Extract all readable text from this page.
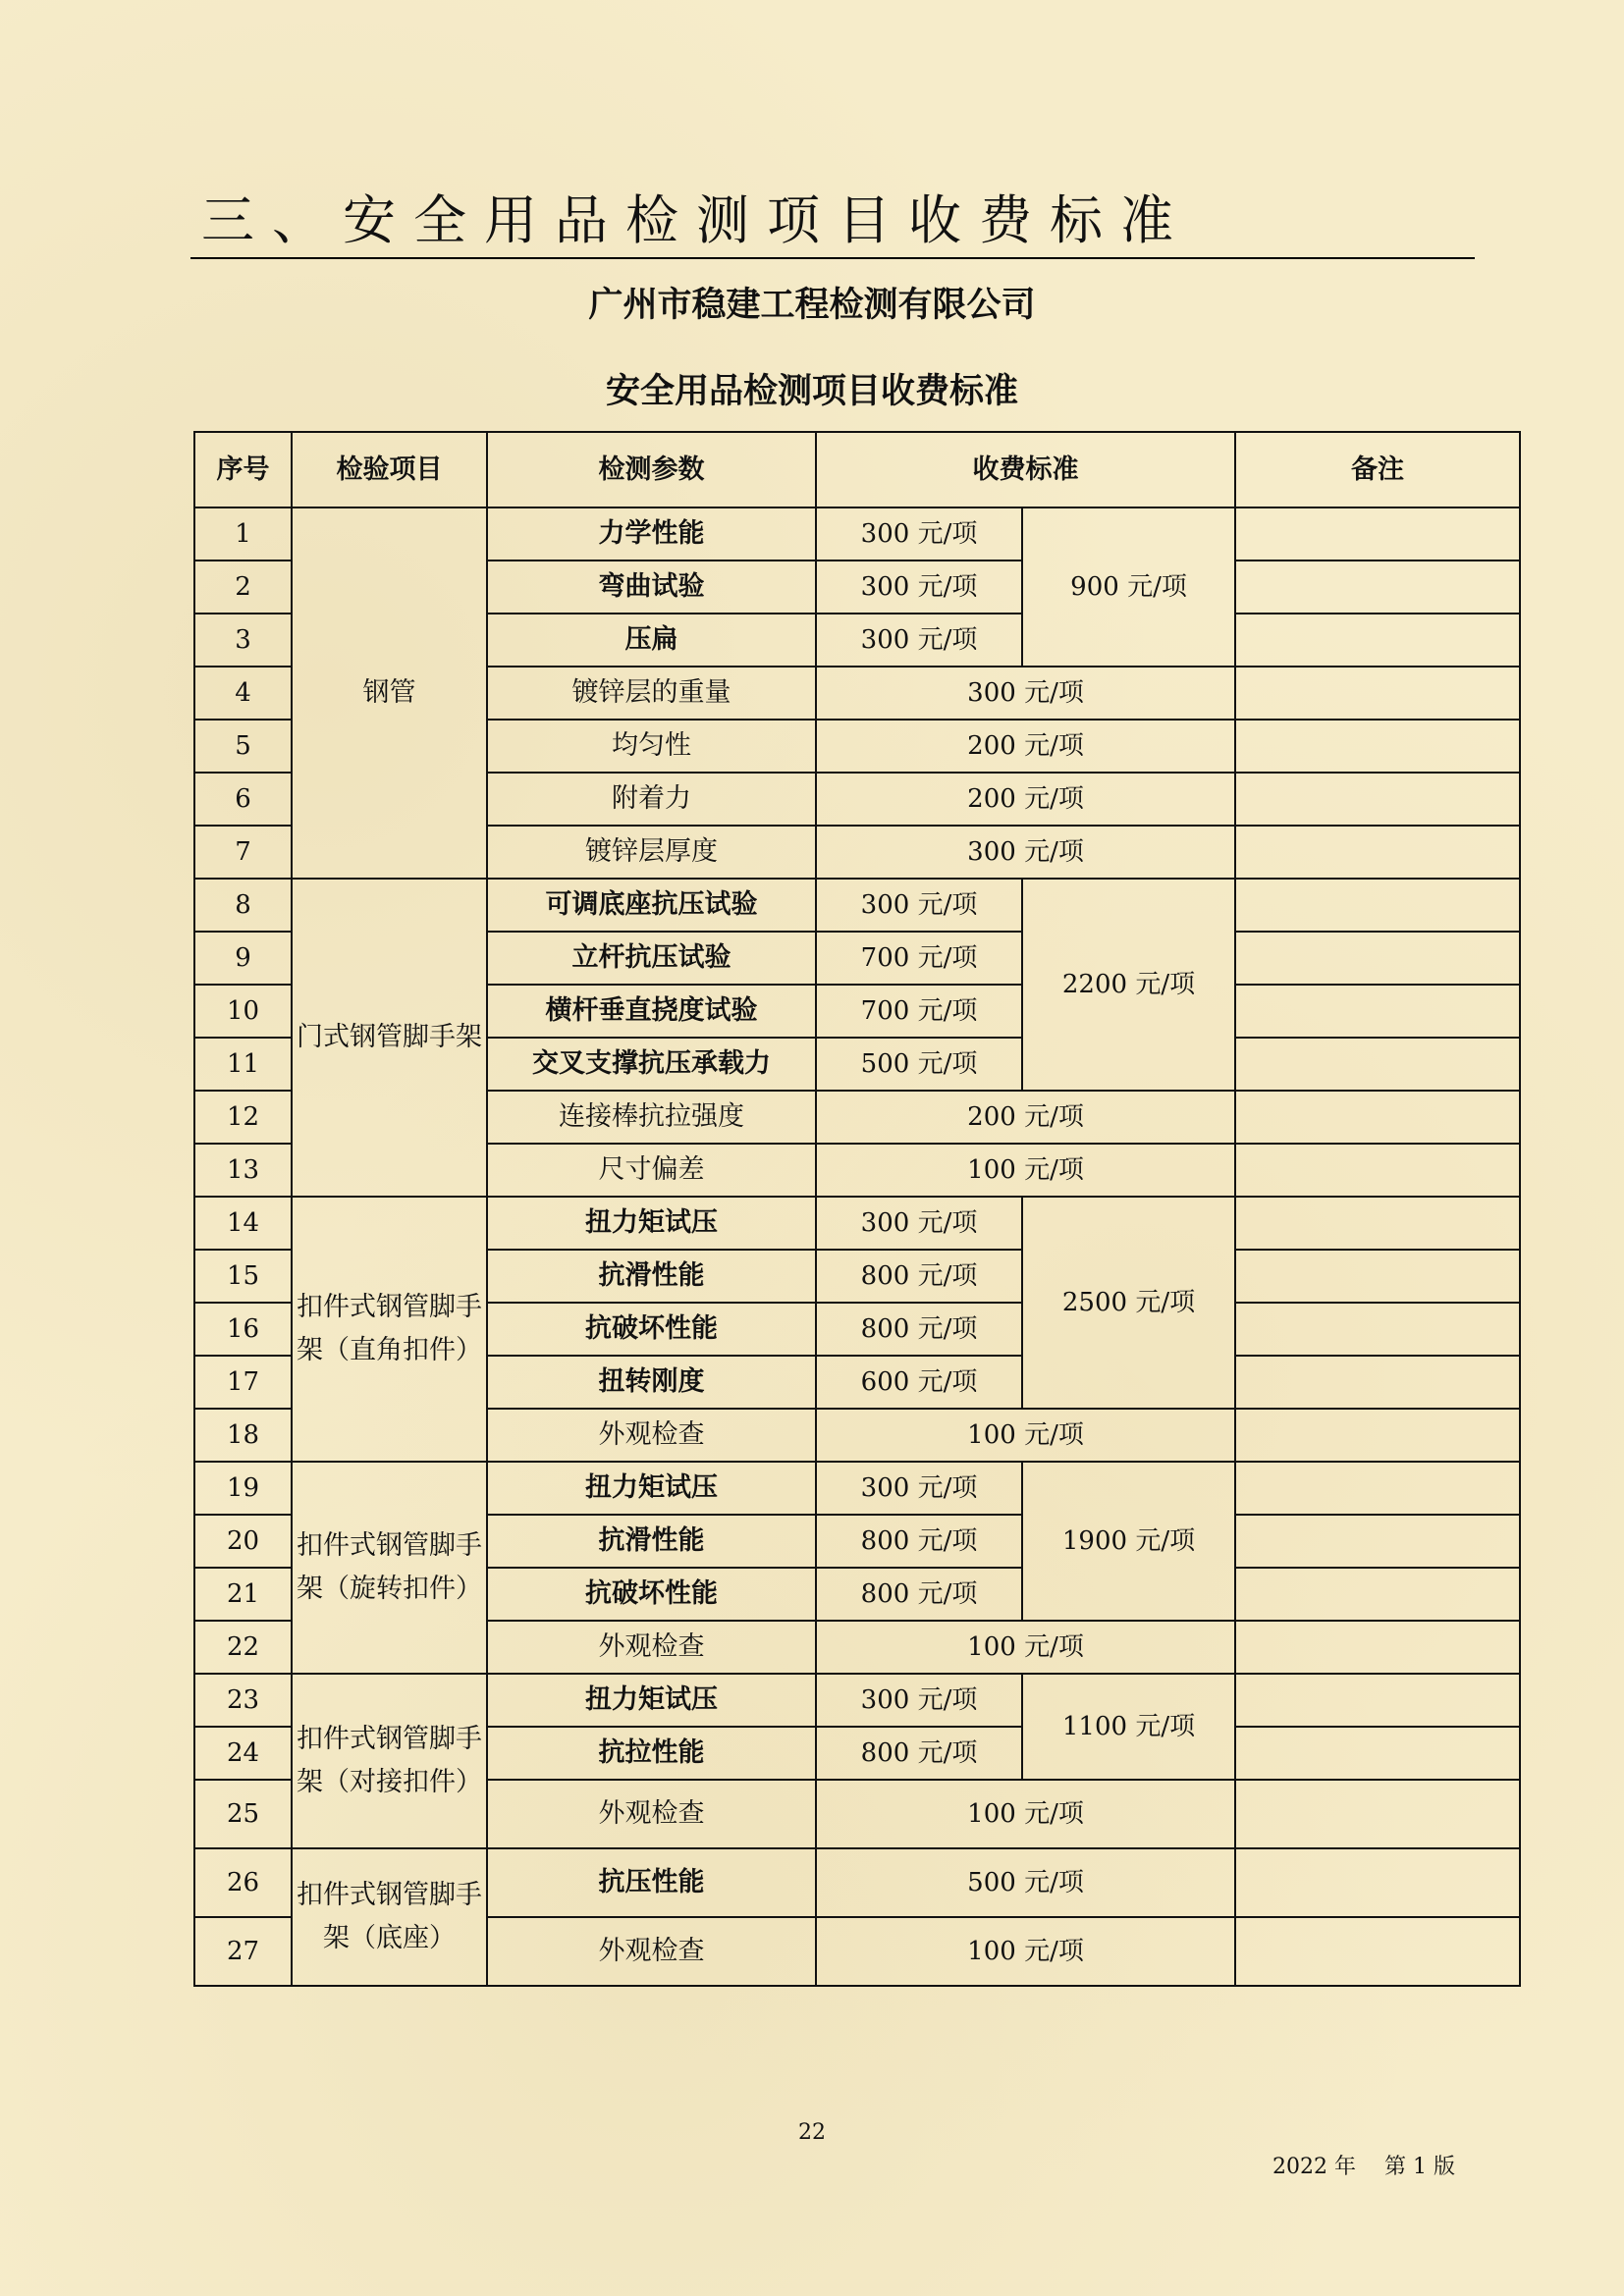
三、安全用品检测项目收费标准
广州市稳建工程检测有限公司
安全用品检测项目收费标准
序号	检验项目	检测参数	收费标准		备注
1	钢管	力学性能	300 元/项	900 元/项	
2		弯曲试验	300 元/项		
3		压扁	300 元/项		
4		镀锌层的重量	300 元/项		
5		均匀性	200 元/项		
6		附着力	200 元/项		
7		镀锌层厚度	300 元/项		
8	门式钢管脚手架	可调底座抗压试验	300 元/项	2200 元/项	
9		立杆抗压试验	700 元/项		
10		横杆垂直挠度试验	700 元/项		
11		交叉支撑抗压承载力	500 元/项		
12		连接棒抗拉强度	200 元/项		
13		尺寸偏差	100 元/项		
14	扣件式钢管脚手架（直角扣件）	扭力矩试压	300 元/项	2500 元/项	
15		抗滑性能	800 元/项		
16		抗破坏性能	800 元/项		
17		扭转刚度	600 元/项		
18		外观检查	100 元/项		
19	扣件式钢管脚手架（旋转扣件）	扭力矩试压	300 元/项	1900 元/项	
20		抗滑性能	800 元/项		
21		抗破坏性能	800 元/项		
22		外观检查	100 元/项		
23	扣件式钢管脚手架（对接扣件）	扭力矩试压	300 元/项	1100 元/项	
24		抗拉性能	800 元/项		
25		外观检查	100 元/项		
26	扣件式钢管脚手架（底座）	抗压性能	500 元/项		
27		外观检查	100 元/项		
22
2022 年　 第 1 版
